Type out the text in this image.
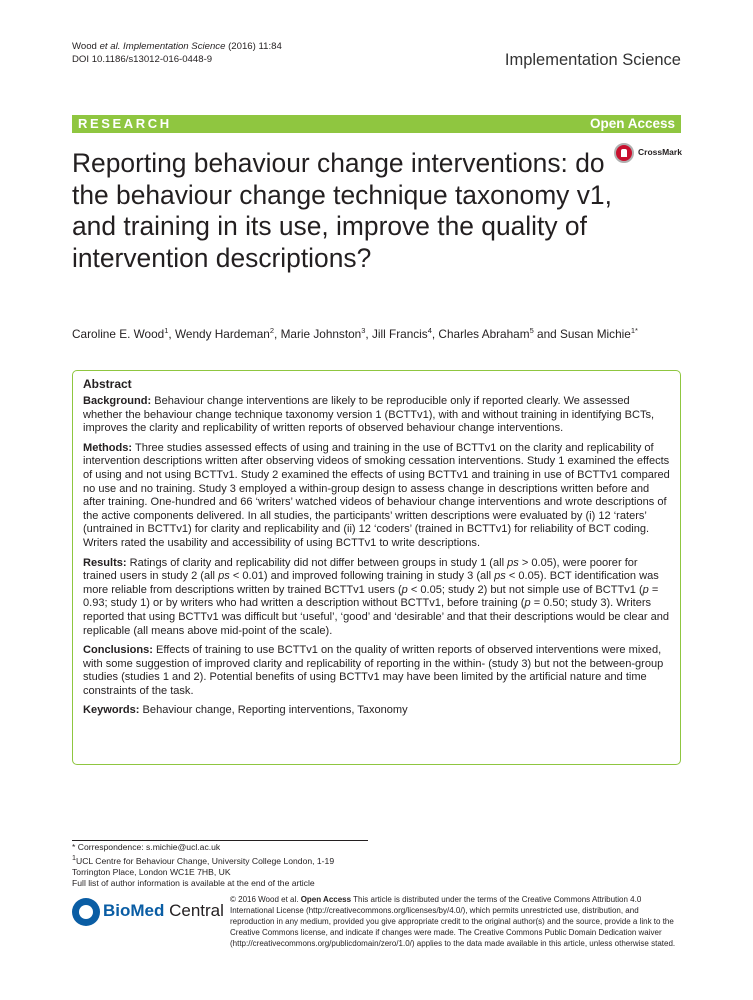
Wood et al. Implementation Science (2016) 11:84
DOI 10.1186/s13012-016-0448-9	Implementation Science
RESEARCH	Open Access
Reporting behaviour change interventions: do the behaviour change technique taxonomy v1, and training in its use, improve the quality of intervention descriptions?
CrossMark
Caroline E. Wood$^1$, Wendy Hardeman$^2$, Marie Johnston$^3$, Jill Francis$^4$, Charles Abraham$^5$ and Susan Michie$^{1*}$
Abstract

Background: Behaviour change interventions are likely to be reproducible only if reported clearly. We assessed whether the behaviour change technique taxonomy version 1 (BCTTv1), with and without training in identifying BCTs, improves the clarity and replicability of written reports of observed behaviour change interventions.

Methods: Three studies assessed effects of using and training in the use of BCTTv1 on the clarity and replicability of intervention descriptions written after observing videos of smoking cessation interventions. Study 1 examined the effects of using and not using BCTTv1. Study 2 examined the effects of using BCTTv1 and training in use of BCTTv1 compared no use and no training. Study 3 employed a within-group design to assess change in descriptions written before and after training. One-hundred and 66 ‘writers’ watched videos of behaviour change interventions and wrote descriptions of the active components delivered. In all studies, the participants’ written descriptions were evaluated by (i) 12 ‘raters’ (untrained in BCTTv1) for clarity and replicability and (ii) 12 ‘coders’ (trained in BCTTv1) for reliability of BCT coding. Writers rated the usability and accessibility of using BCTTv1 to write descriptions.

Results: Ratings of clarity and replicability did not differ between groups in study 1 (all ps > 0.05), were poorer for trained users in study 2 (all ps < 0.01) and improved following training in study 3 (all ps < 0.05). BCT identification was more reliable from descriptions written by trained BCTTv1 users (p < 0.05; study 2) but not simple use of BCTTv1 (p = 0.93; study 1) or by writers who had written a description without BCTTv1, before training (p = 0.50; study 3). Writers reported that using BCTTv1 was difficult but ‘useful’, ‘good’ and ‘desirable’ and that their descriptions would be clear and replicable (all means above mid-point of the scale).

Conclusions: Effects of training to use BCTTv1 on the quality of written reports of observed interventions were mixed, with some suggestion of improved clarity and replicability of reporting in the within- (study 3) but not the between-group studies (studies 1 and 2). Potential benefits of using BCTTv1 may have been limited by the artificial nature and time constraints of the task.

Keywords: Behaviour change, Reporting interventions, Taxonomy

* Correspondence: s.michie@ucl.ac.uk
$^1$UCL Centre for Behaviour Change, University College London, 1-19 Torrington Place, London WC1E 7HB, UK
Full list of author information is available at the end of the article
BioMed Central
© 2016 Wood et al. Open Access This article is distributed under the terms of the Creative Commons Attribution 4.0 International License (http://creativecommons.org/licenses/by/4.0/), which permits unrestricted use, distribution, and reproduction in any medium, provided you give appropriate credit to the original author(s) and the source, provide a link to the Creative Commons license, and indicate if changes were made. The Creative Commons Public Domain Dedication waiver (http://creativecommons.org/publicdomain/zero/1.0/) applies to the data made available in this article, unless otherwise stated.
